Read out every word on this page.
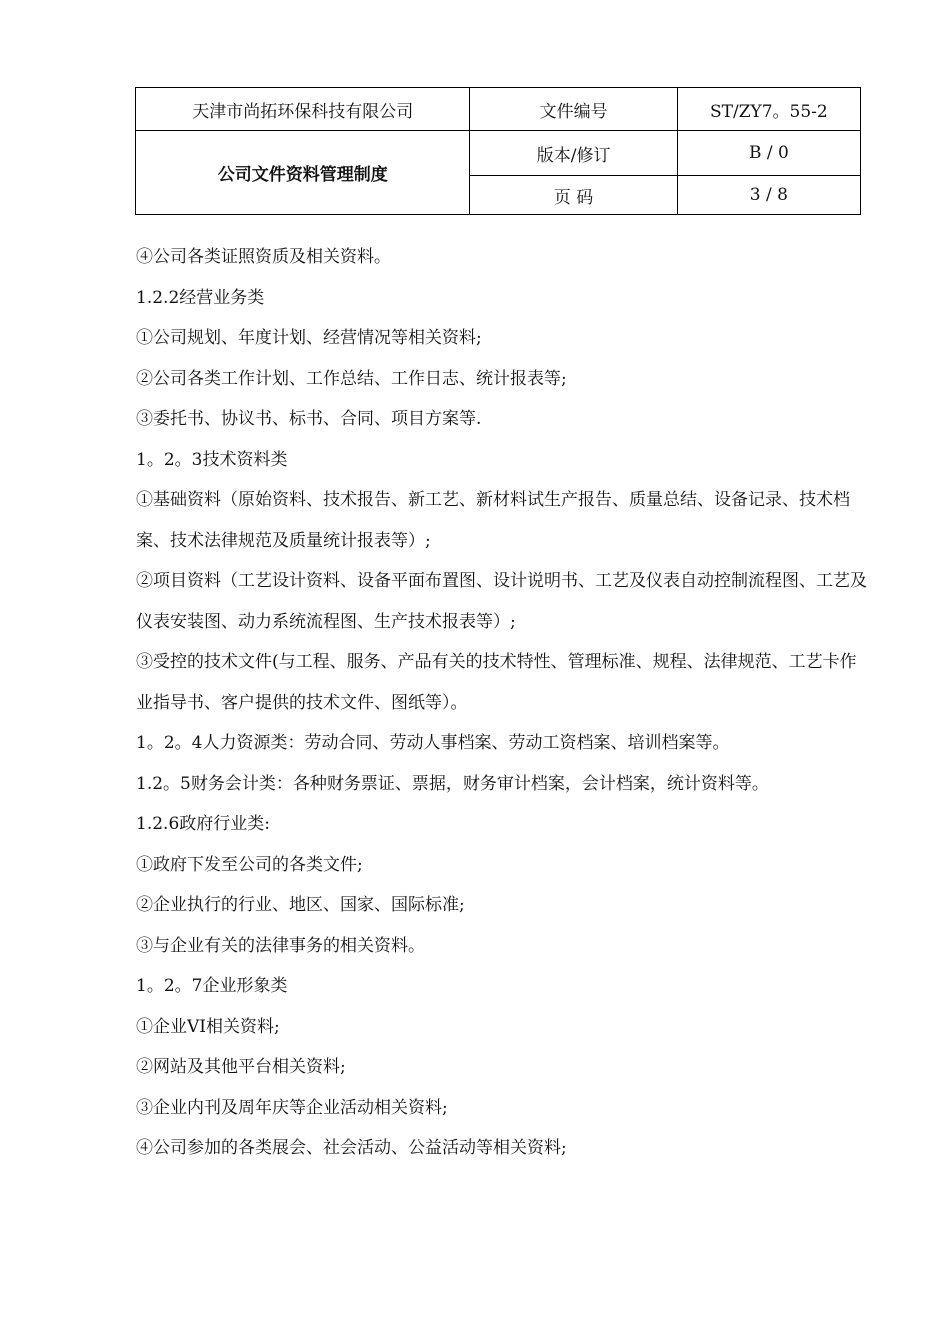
天津市尚拓环保科技有限公司	文件编号	ST/ZY7。55-2
公司文件资料管理制度	版本/修订	B / 0
	页 码	3 / 8

④公司各类证照资质及相关资料。

1.2.2经营业务类

①公司规划、年度计划、经营情况等相关资料;

②公司各类工作计划、工作总结、工作日志、统计报表等;

③委托书、协议书、标书、合同、项目方案等.

1。2。3技术资料类

①基础资料（原始资料、技术报告、新工艺、新材料试生产报告、质量总结、设备记录、技术档案、技术法律规范及质量统计报表等）;

②项目资料（工艺设计资料、设备平面布置图、设计说明书、工艺及仪表自动控制流程图、工艺及仪表安装图、动力系统流程图、生产技术报表等）;

③受控的技术文件(与工程、服务、产品有关的技术特性、管理标准、规程、法律规范、工艺卡作业指导书、客户提供的技术文件、图纸等）。

1。2。4人力资源类：劳动合同、劳动人事档案、劳动工资档案、培训档案等。

1.2。5财务会计类：各种财务票证、票据，财务审计档案，会计档案，统计资料等。

1.2.6政府行业类:

①政府下发至公司的各类文件;

②企业执行的行业、地区、国家、国际标准;

③与企业有关的法律事务的相关资料。

1。2。7企业形象类

①企业VI相关资料;

②网站及其他平台相关资料;

③企业内刊及周年庆等企业活动相关资料;

④公司参加的各类展会、社会活动、公益活动等相关资料;
